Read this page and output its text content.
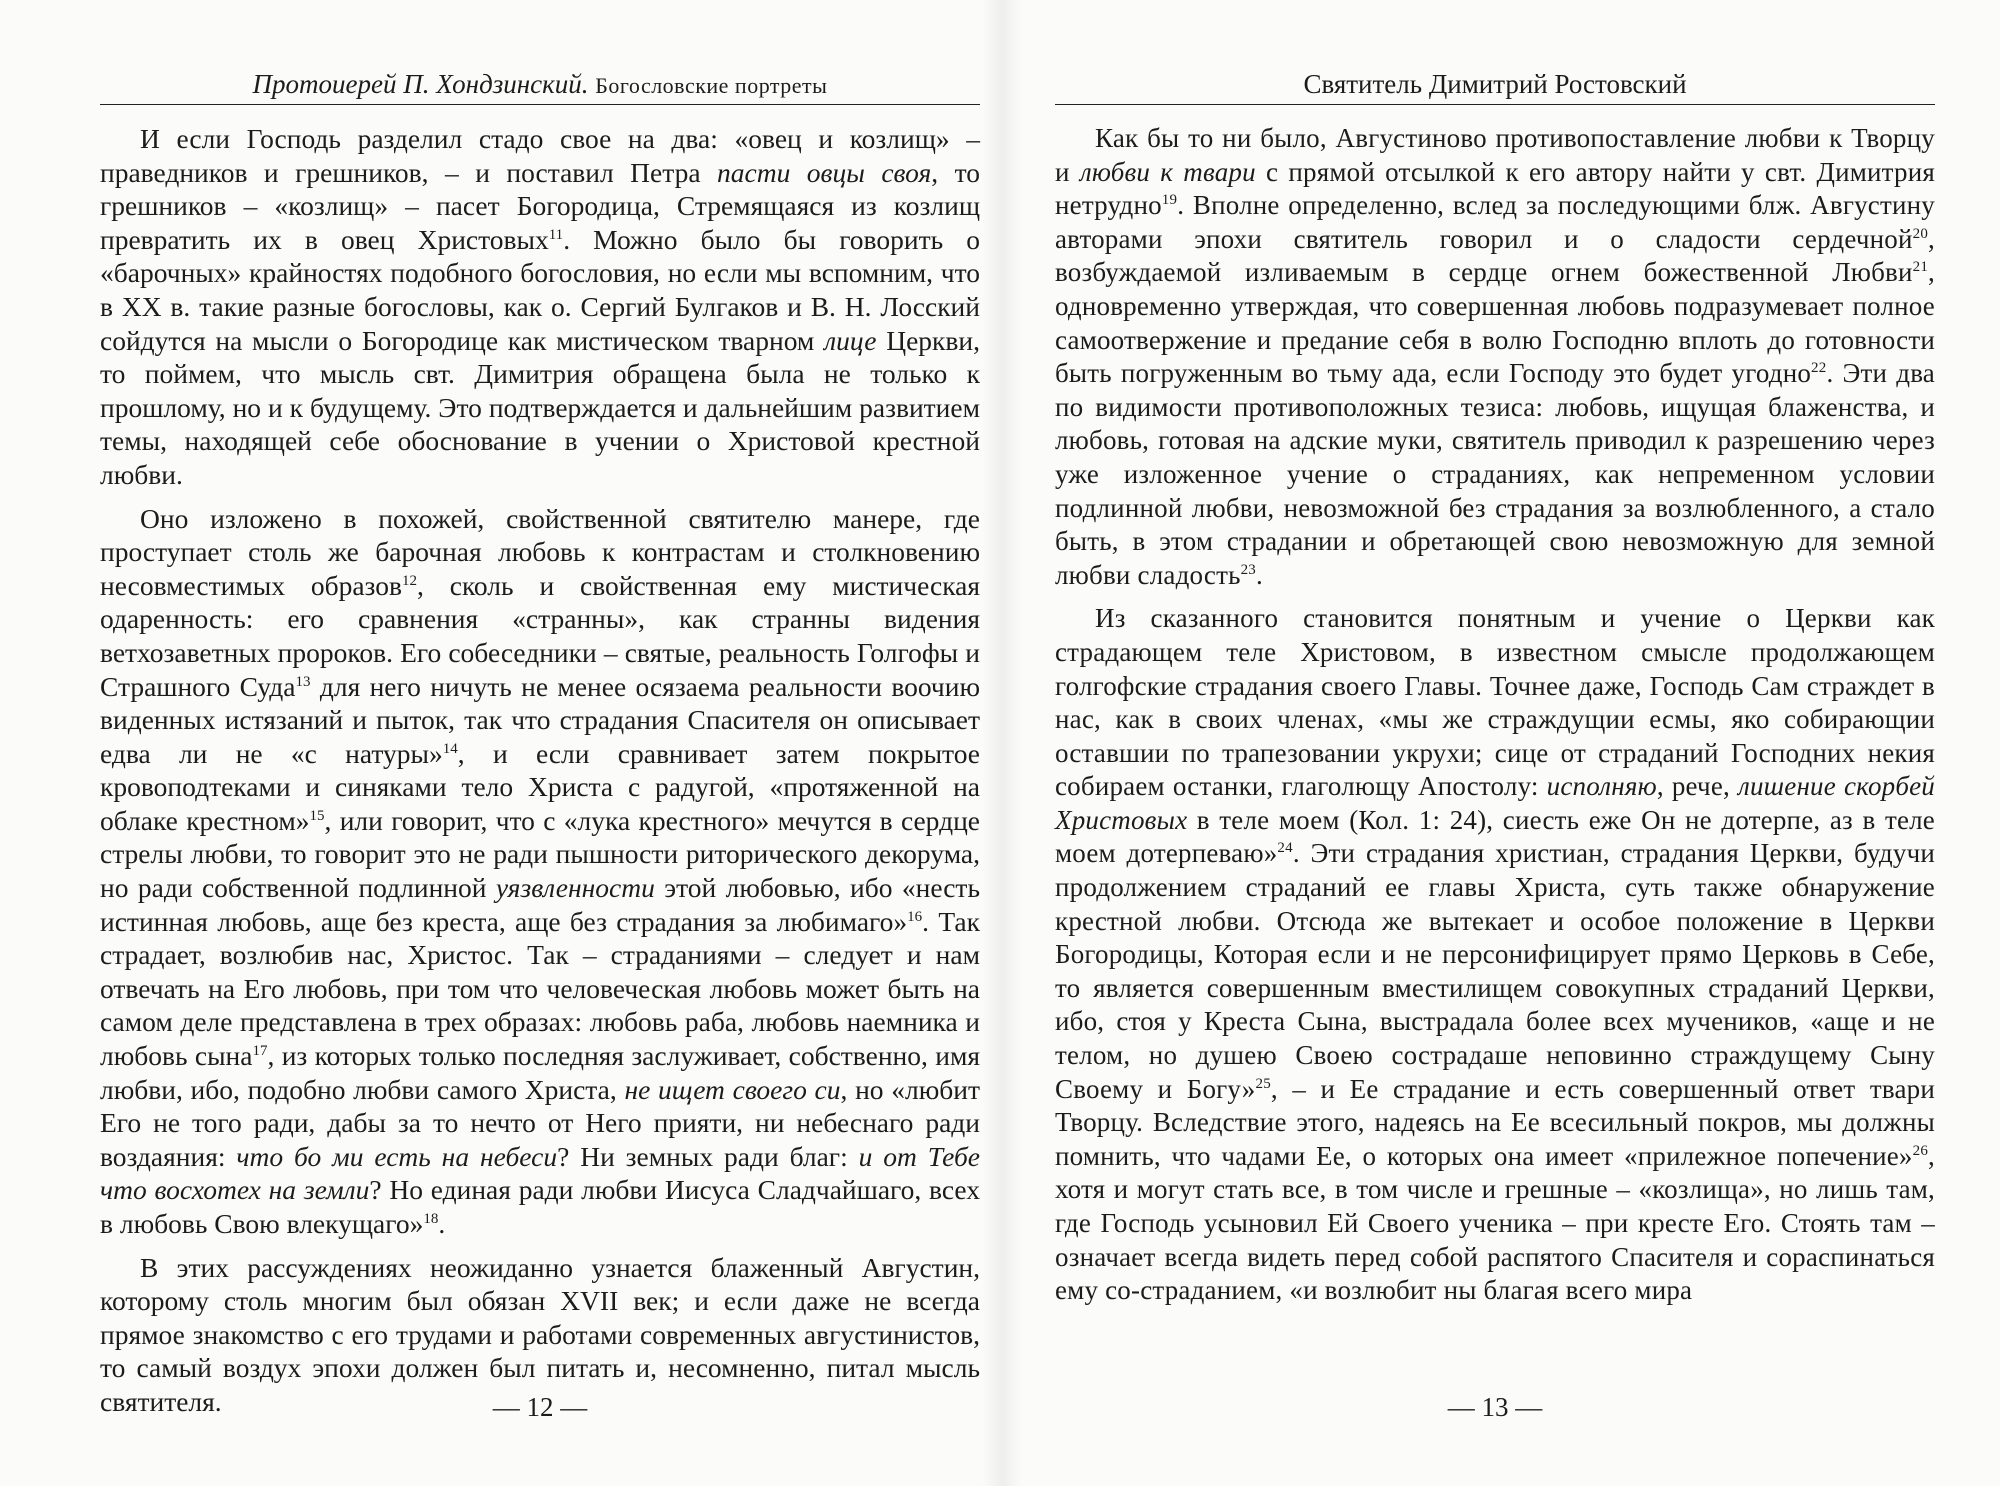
Протоиерей П. Хондзинский. Богословские портреты

И если Господь разделил стадо свое на два: «овец и козлищ» – праведников и грешников, – и поставил Петра пасти овцы своя, то грешников – «козлищ» – пасет Богородица, Стремящаяся из козлищ превратить их в овец Христовых$^{11}$. Можно было бы говорить о «барочных» крайностях подобного богословия, но если мы вспомним, что в XX в. такие разные богословы, как о. Сергий Булгаков и В. Н. Лосский сойдутся на мысли о Богородице как мистическом тварном лице Церкви, то поймем, что мысль свт. Димитрия обращена была не только к прошлому, но и к будущему. Это подтверждается и дальнейшим развитием темы, находящей себе обоснование в учении о Христовой крестной любви.

Оно изложено в похожей, свойственной святителю манере, где проступает столь же барочная любовь к контрастам и столкновению несовместимых образов$^{12}$, сколь и свойственная ему мистическая одаренность: его сравнения «странны», как странны видения ветхозаветных пророков. Его собеседники – святые, реальность Голгофы и Страшного Суда$^{13}$ для него ничуть не менее осязаема реальности воочию виденных истязаний и пыток, так что страдания Спасителя он описывает едва ли не «с натуры»$^{14}$, и если сравнивает затем покрытое кровоподтеками и синяками тело Христа с радугой, «протяженной на облаке крестном»$^{15}$, или говорит, что с «лука крестного» мечутся в сердце стрелы любви, то говорит это не ради пышности риторического декорума, но ради собственной подлинной уязвленности этой любовью, ибо «несть истинная любовь, аще без креста, аще без страдания за любимаго»$^{16}$. Так страдает, возлюбив нас, Христос. Так – страданиями – следует и нам отвечать на Его любовь, при том что человеческая любовь может быть на самом деле представлена в трех образах: любовь раба, любовь наемника и любовь сына$^{17}$, из которых только последняя заслуживает, собственно, имя любви, ибо, подобно любви самого Христа, не ищет своего си, но «любит Его не того ради, дабы за то нечто от Него прияти, ни небеснаго ради воздаяния: что бо ми есть на небеси? Ни земных ради благ: и от Тебе что восхотех на земли? Но единая ради любви Иисуса Сладчайшаго, всех в любовь Свою влекущаго»$^{18}$.

В этих рассуждениях неожиданно узнается блаженный Августин, которому столь многим был обязан XVII век; и если даже не всегда прямое знакомство с его трудами и работами современных августинистов, то самый воздух эпохи должен был питать и, несомненно, питал мысль святителя.	— 12 —
Святитель Димитрий Ростовский

Как бы то ни было, Августиново противопоставление любви к Творцу и любви к твари с прямой отсылкой к его автору найти у свт. Димитрия нетрудно$^{19}$. Вполне определенно, вслед за последующими блж. Августину авторами эпохи святитель говорил и о сладости сердечной$^{20}$, возбуждаемой изливаемым в сердце огнем божественной Любви$^{21}$, одновременно утверждая, что совершенная любовь подразумевает полное самоотвержение и предание себя в волю Господню вплоть до готовности быть погруженным во тьму ада, если Господу это будет угодно$^{22}$. Эти два по видимости противоположных тезиса: любовь, ищущая блаженства, и любовь, готовая на адские муки, святитель приводил к разрешению через уже изложенное учение о страданиях, как непременном условии подлинной любви, невозможной без страдания за возлюбленного, а стало быть, в этом страдании и обретающей свою невозможную для земной любви сладость$^{23}$.

Из сказанного становится понятным и учение о Церкви как страдающем теле Христовом, в известном смысле продолжающем голгофские страдания своего Главы. Точнее даже, Господь Сам страждет в нас, как в своих членах, «мы же страждущии есмы, яко собирающии оставшии по трапезовании укрухи; сице от страданий Господних некия собираем останки, глаголющу Апостолу: исполняю, рече, лишение скорбей Христовых в теле моем (Кол. 1: 24), сиесть еже Он не дотерпе, аз в теле моем дотерпеваю»$^{24}$. Эти страдания христиан, страдания Церкви, будучи продолжением страданий ее главы Христа, суть также обнаружение крестной любви. Отсюда же вытекает и особое положение в Церкви Богородицы, Которая если и не персонифицирует прямо Церковь в Себе, то является совершенным вместилищем совокупных страданий Церкви, ибо, стоя у Креста Сына, выстрадала более всех мучеников, «аще и не телом, но душею Своею сострадаше неповинно страждущему Сыну Своему и Богу»$^{25}$, – и Ее страдание и есть совершенный ответ твари Творцу. Вследствие этого, надеясь на Ее всесильный покров, мы должны помнить, что чадами Ее, о которых она имеет «прилежное попечение»$^{26}$, хотя и могут стать все, в том числе и грешные – «козлища», но лишь там, где Господь усыновил Ей Своего ученика – при кресте Его. Стоять там – означает всегда видеть перед собой распятого Спасителя и сораспинаться ему со-страданием, «и возлюбит ны благая всего мира

— 13 —
